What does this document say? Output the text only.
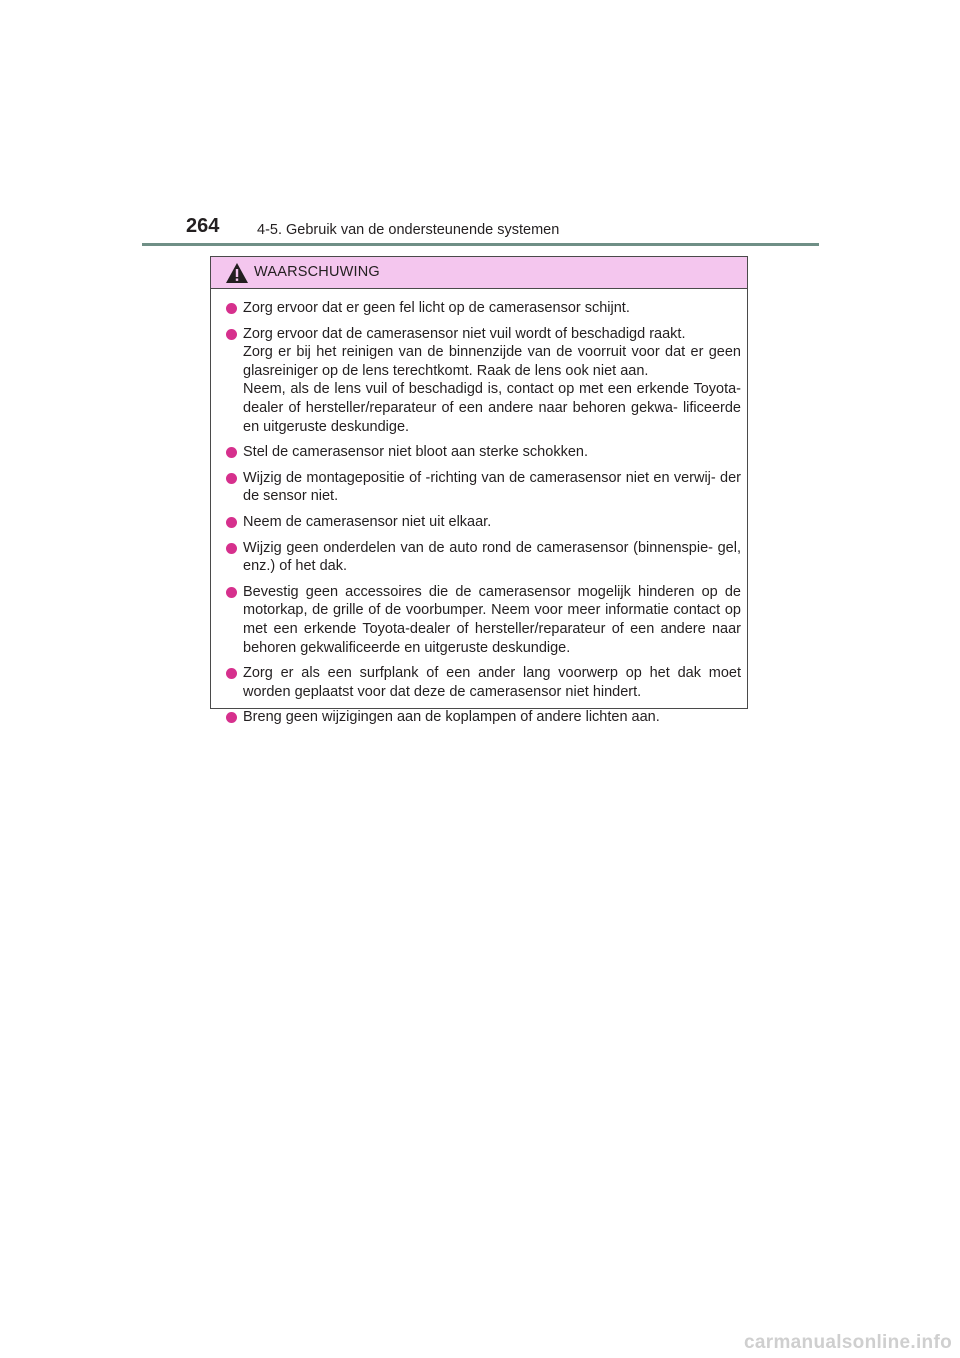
264	4-5. Gebruik van de ondersteunende systemen
WAARSCHUWING
Zorg ervoor dat er geen fel licht op de camerasensor schijnt.
Zorg ervoor dat de camerasensor niet vuil wordt of beschadigd raakt.
Zorg er bij het reinigen van de binnenzijde van de voorruit voor dat er geen glasreiniger op de lens terechtkomt. Raak de lens ook niet aan.
Neem, als de lens vuil of beschadigd is, contact op met een erkende Toyota-dealer of hersteller/reparateur of een andere naar behoren gekwa- lificeerde en uitgeruste deskundige.
Stel de camerasensor niet bloot aan sterke schokken.
Wijzig de montagepositie of -richting van de camerasensor niet en verwij- der de sensor niet.
Neem de camerasensor niet uit elkaar.
Wijzig geen onderdelen van de auto rond de camerasensor (binnenspie- gel, enz.) of het dak.
Bevestig geen accessoires die de camerasensor mogelijk hinderen op de motorkap, de grille of de voorbumper. Neem voor meer informatie contact op met een erkende Toyota-dealer of hersteller/reparateur of een andere naar behoren gekwalificeerde en uitgeruste deskundige.
Zorg er als een surfplank of een ander lang voorwerp op het dak moet worden geplaatst voor dat deze de camerasensor niet hindert.
Breng geen wijzigingen aan de koplampen of andere lichten aan.
carmanualsonline.info
